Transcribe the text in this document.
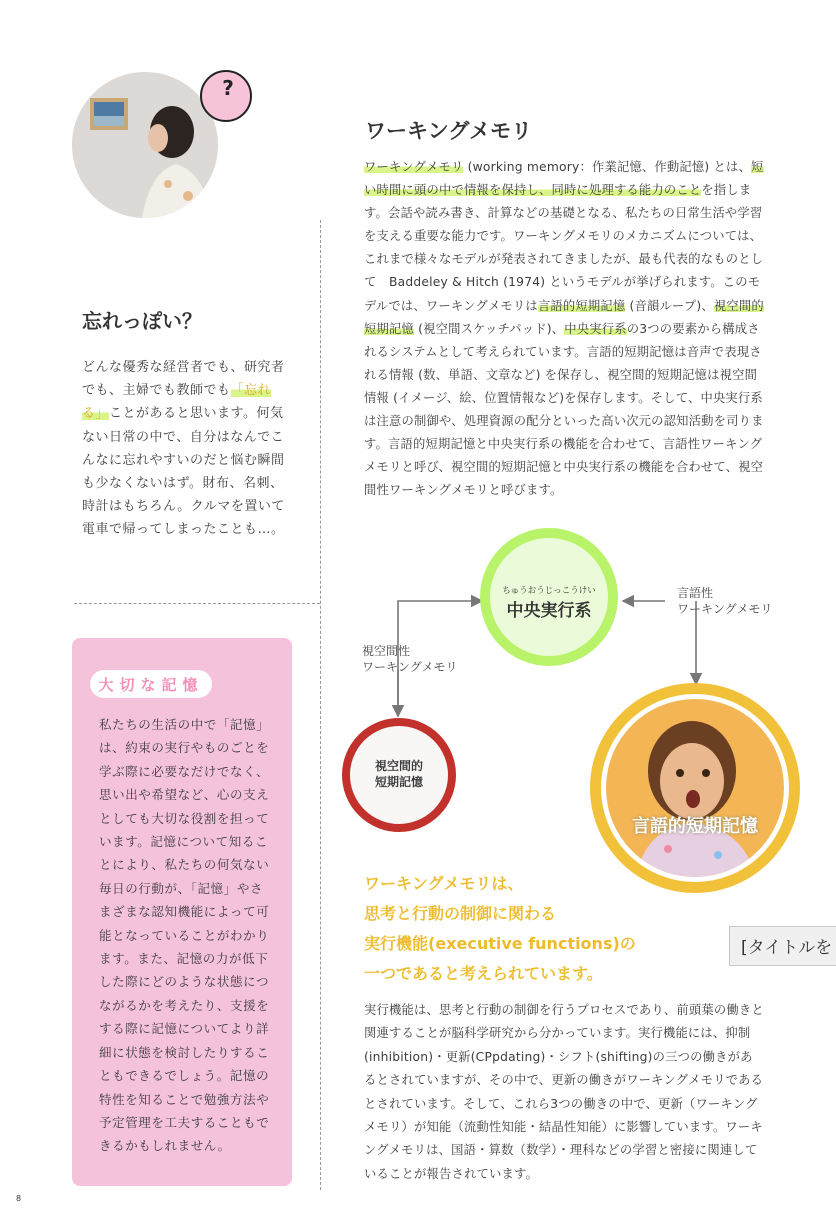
?
忘れっぽい？
どんな優秀な経営者でも、研究者でも、主婦でも教師でも「忘れる」ことがあると思います。何気ない日常の中で、自分はなんでこんなに忘れやすいのだと悩む瞬間も少なくないはず。財布、名刺、時計はもちろん。クルマを置いて電車で帰ってしまったことも…。
大切な記憶
私たちの生活の中で「記憶」は、約束の実行やものごとを学ぶ際に必要なだけでなく、思い出や希望など、心の支えとしても大切な役割を担っています。記憶について知ることにより、私たちの何気ない毎日の行動が、「記憶」やさまざまな認知機能によって可能となっていることがわかります。また、記憶の力が低下した際にどのような状態につながるかを考えたり、支援をする際に記憶についてより詳細に状態を検討したりすることもできるでしょう。記憶の特性を知ることで勉強方法や予定管理を工夫することもできるかもしれません。
ワーキングメモリ
ワーキングメモリ (working memory：作業記憶、作動記憶) とは、短い時間に頭の中で情報を保持し、同時に処理する能力のことを指します。会話や読み書き、計算などの基礎となる、私たちの日常生活や学習を支える重要な能力です。ワーキングメモリのメカニズムについては、これまで様々なモデルが発表されてきましたが、最も代表的なものとして　Baddeley & Hitch (1974) というモデルが挙げられます。このモデルでは、ワーキングメモリは言語的短期記憶 (音韻ループ)、視空間的短期記憶 (視空間スケッチパッド)、中央実行系の3つの要素から構成されるシステムとして考えられています。言語的短期記憶は音声で表現される情報 (数、単語、文章など) を保存し、視空間的短期記憶は視空間情報 (イメージ、絵、位置情報など)を保存します。そして、中央実行系は注意の制御や、処理資源の配分といった高い次元の認知活動を司ります。言語的短期記憶と中央実行系の機能を合わせて、言語性ワーキングメモリと呼び、視空間的短期記憶と中央実行系の機能を合わせて、視空間性ワーキングメモリと呼びます。
ちゅうおうじっこうけい
中央実行系
言語性
ワーキングメモリ
視空間性
ワーキングメモリ
視空間的
短期記憶
言語的短期記憶
ワーキングメモリは、
思考と行動の制御に関わる
実行機能(executive functions)の
一つであると考えられています。
実行機能は、思考と行動の制御を行うプロセスであり、前頭葉の働きと関連することが脳科学研究から分かっています。実行機能には、抑制(inhibition)・更新(CPpdating)・シフト(shifting)の三つの働きがあるとされていますが、その中で、更新の働きがワーキングメモリであるとされています。そして、これら3つの働きの中で、更新（ワーキングメモリ）が知能（流動性知能・結晶性知能）に影響しています。ワーキングメモリは、国語・算数（数学）・理科などの学習と密接に関連していることが報告されています。
[タイトルを
8
